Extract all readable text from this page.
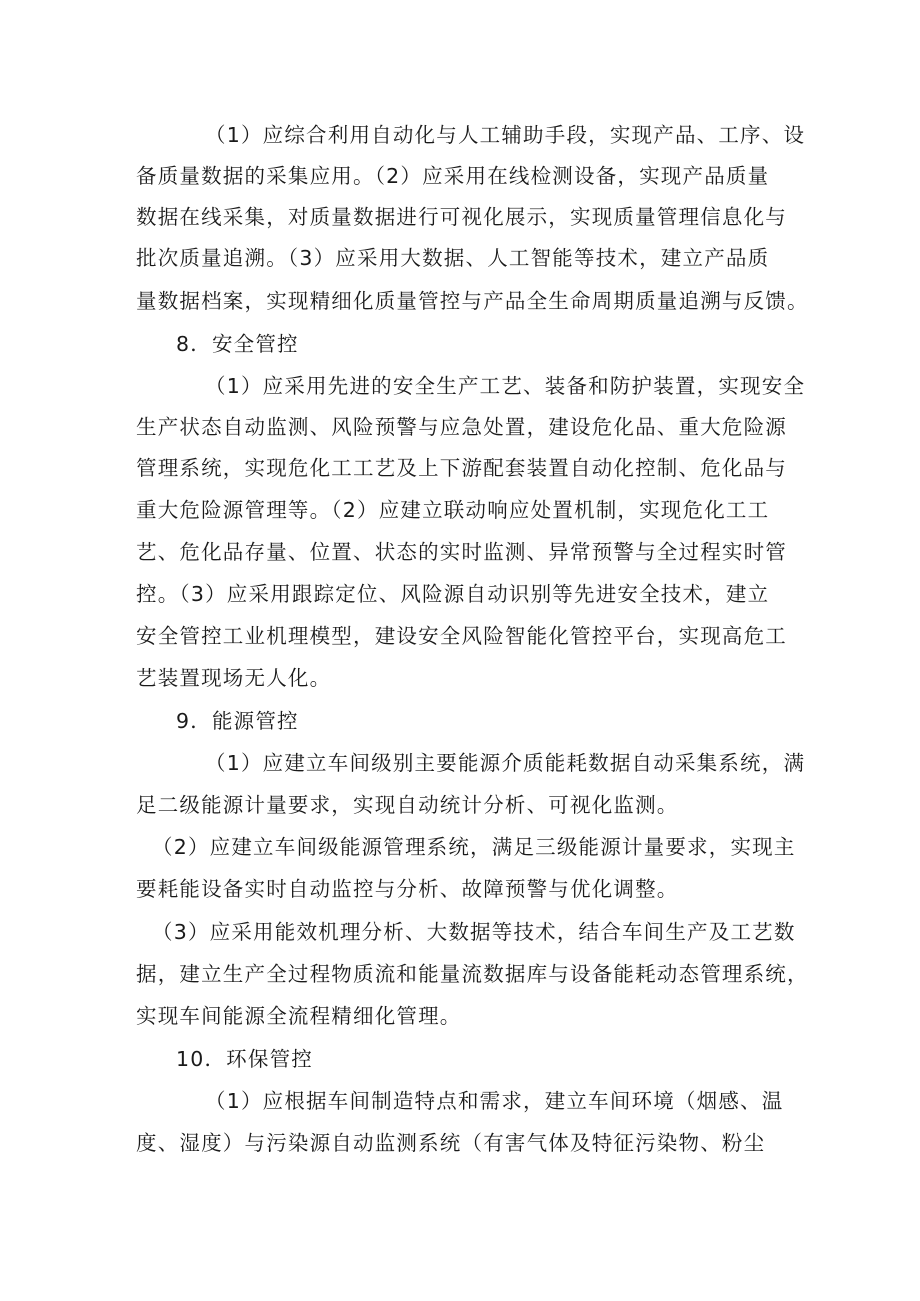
（1）应综合利用自动化与人工辅助手段，实现产品、工序、设
备质量数据的采集应用。（2）应采用在线检测设备，实现产品质量
数据在线采集，对质量数据进行可视化展示，实现质量管理信息化与
批次质量追溯。（3）应采用大数据、人工智能等技术，建立产品质
量数据档案，实现精细化质量管控与产品全生命周期质量追溯与反馈。
8．安全管控
（1）应采用先进的安全生产工艺、装备和防护装置，实现安全
生产状态自动监测、风险预警与应急处置，建设危化品、重大危险源
管理系统，实现危化工工艺及上下游配套装置自动化控制、危化品与
重大危险源管理等。（2）应建立联动响应处置机制，实现危化工工
艺、危化品存量、位置、状态的实时监测、异常预警与全过程实时管
控。（3）应采用跟踪定位、风险源自动识别等先进安全技术，建立
安全管控工业机理模型，建设安全风险智能化管控平台，实现高危工
艺装置现场无人化。
9．能源管控
（1）应建立车间级别主要能源介质能耗数据自动采集系统，满
足二级能源计量要求，实现自动统计分析、可视化监测。
（2）应建立车间级能源管理系统，满足三级能源计量要求，实现主
要耗能设备实时自动监控与分析、故障预警与优化调整。
（3）应采用能效机理分析、大数据等技术，结合车间生产及工艺数
据，建立生产全过程物质流和能量流数据库与设备能耗动态管理系统，
实现车间能源全流程精细化管理。
10．环保管控
（1）应根据车间制造特点和需求，建立车间环境（烟感、温
度、湿度）与污染源自动监测系统（有害气体及特征污染物、粉尘
